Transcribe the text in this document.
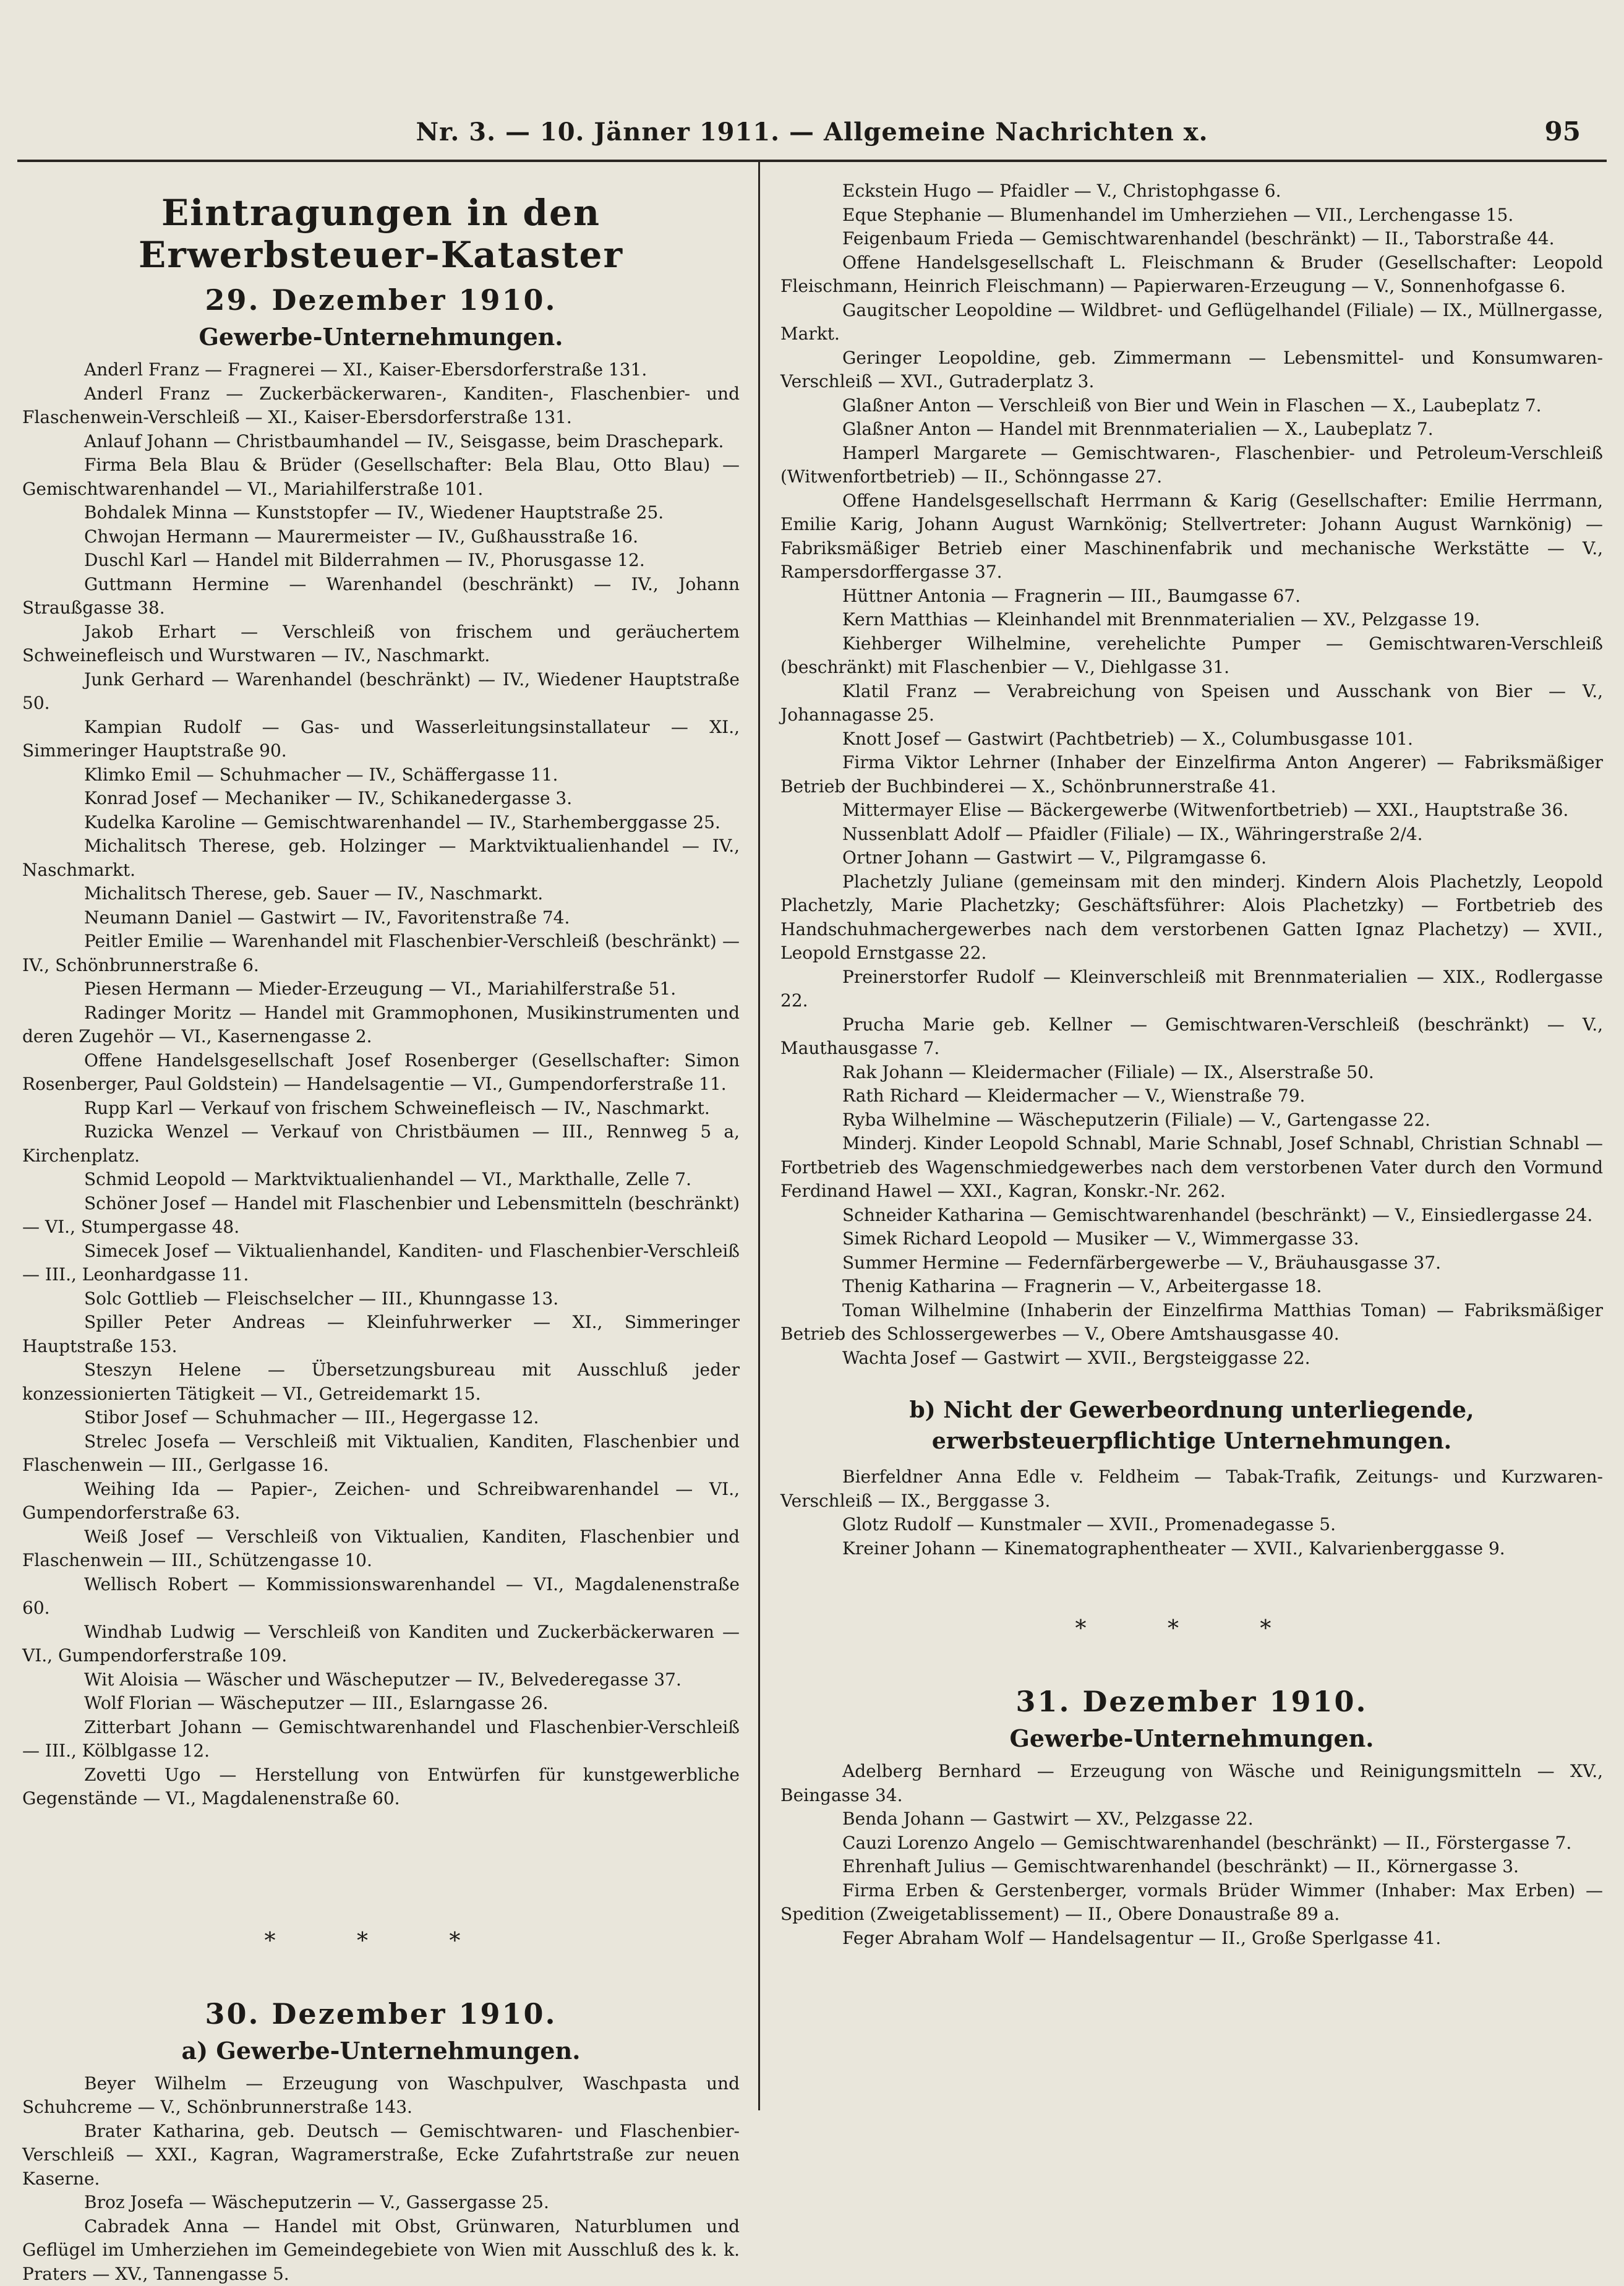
Nr. 3. — 10. Jänner 1911. — Allgemeine Nachrichten x.	95
Eintragungen in den Erwerbsteuer-Kataster
29. Dezember 1910.
Gewerbe-Unternehmungen.

Anderl Franz — Fragnerei — XI., Kaiser-Ebersdorferstraße 131.

Anderl Franz — Zuckerbäckerwaren-, Kanditen-, Flaschenbier- und Flaschenwein-Verschleiß — XI., Kaiser-Ebersdorferstraße 131.

Anlauf Johann — Christbaumhandel — IV., Seisgasse, beim Draschepark.

Firma Bela Blau & Brüder (Gesellschafter: Bela Blau, Otto Blau) — Gemischtwarenhandel — VI., Mariahilferstraße 101.

Bohdalek Minna — Kunststopfer — IV., Wiedener Hauptstraße 25.

Chwojan Hermann — Maurermeister — IV., Gußhausstraße 16.

Duschl Karl — Handel mit Bilderrahmen — IV., Phorusgasse 12.

Guttmann Hermine — Warenhandel (beschränkt) — IV., Johann Straußgasse 38.

Jakob Erhart — Verschleiß von frischem und geräuchertem Schweinefleisch und Wurstwaren — IV., Naschmarkt.

Junk Gerhard — Warenhandel (beschränkt) — IV., Wiedener Hauptstraße 50.

Kampian Rudolf — Gas- und Wasserleitungsinstallateur — XI., Simmeringer Hauptstraße 90.

Klimko Emil — Schuhmacher — IV., Schäffergasse 11.

Konrad Josef — Mechaniker — IV., Schikanedergasse 3.

Kudelka Karoline — Gemischtwarenhandel — IV., Starhemberggasse 25.

Michalitsch Therese, geb. Holzinger — Marktviktualienhandel — IV., Naschmarkt.

Michalitsch Therese, geb. Sauer — IV., Naschmarkt.

Neumann Daniel — Gastwirt — IV., Favoritenstraße 74.

Peitler Emilie — Warenhandel mit Flaschenbier-Verschleiß (beschränkt) — IV., Schönbrunnerstraße 6.

Piesen Hermann — Mieder-Erzeugung — VI., Mariahilferstraße 51.

Radinger Moritz — Handel mit Grammophonen, Musikinstrumenten und deren Zugehör — VI., Kasernengasse 2.

Offene Handelsgesellschaft Josef Rosenberger (Gesellschafter: Simon Rosenberger, Paul Goldstein) — Handelsagentie — VI., Gumpendorferstraße 11.

Rupp Karl — Verkauf von frischem Schweinefleisch — IV., Naschmarkt.

Ruzicka Wenzel — Verkauf von Christbäumen — III., Rennweg 5 a, Kirchenplatz.

Schmid Leopold — Marktviktualienhandel — VI., Markthalle, Zelle 7.

Schöner Josef — Handel mit Flaschenbier und Lebensmitteln (beschränkt) — VI., Stumpergasse 48.

Simecek Josef — Viktualienhandel, Kanditen- und Flaschenbier-Verschleiß — III., Leonhardgasse 11.

Solc Gottlieb — Fleischselcher — III., Khunngasse 13.

Spiller Peter Andreas — Kleinfuhrwerker — XI., Simmeringer Hauptstraße 153.

Steszyn Helene — Übersetzungsbureau mit Ausschluß jeder konzessionierten Tätigkeit — VI., Getreidemarkt 15.

Stibor Josef — Schuhmacher — III., Hegergasse 12.

Strelec Josefa — Verschleiß mit Viktualien, Kanditen, Flaschenbier und Flaschenwein — III., Gerlgasse 16.

Weihing Ida — Papier-, Zeichen- und Schreibwarenhandel — VI., Gumpendorferstraße 63.

Weiß Josef — Verschleiß von Viktualien, Kanditen, Flaschenbier und Flaschenwein — III., Schützengasse 10.

Wellisch Robert — Kommissionswarenhandel — VI., Magdalenenstraße 60.

Windhab Ludwig — Verschleiß von Kanditen und Zuckerbäckerwaren — VI., Gumpendorferstraße 109.

Wit Aloisia — Wäscher und Wäscheputzer — IV., Belvederegasse 37.

Wolf Florian — Wäscheputzer — III., Eslarngasse 26.

Zitterbart Johann — Gemischtwarenhandel und Flaschenbier-Verschleiß — III., Kölblgasse 12.

Zovetti Ugo — Herstellung von Entwürfen für kunstgewerbliche Gegenstände — VI., Magdalenenstraße 60.

* * *
30. Dezember 1910.
a) Gewerbe-Unternehmungen.

Beyer Wilhelm — Erzeugung von Waschpulver, Waschpasta und Schuhcreme — V., Schönbrunnerstraße 143.

Brater Katharina, geb. Deutsch — Gemischtwaren- und Flaschenbier-Verschleiß — XXI., Kagran, Wagramerstraße, Ecke Zufahrtstraße zur neuen Kaserne.

Broz Josefa — Wäscheputzerin — V., Gassergasse 25.

Cabradek Anna — Handel mit Obst, Grünwaren, Naturblumen und Geflügel im Umherziehen im Gemeindegebiete von Wien mit Ausschluß des k. k. Praters — XV., Tannengasse 5.

Eckstein Hugo — Pfaidler — V., Christophgasse 6.

Eque Stephanie — Blumenhandel im Umherziehen — VII., Lerchengasse 15.

Feigenbaum Frieda — Gemischtwarenhandel (beschränkt) — II., Taborstraße 44.

Offene Handelsgesellschaft L. Fleischmann & Bruder (Gesellschafter: Leopold Fleischmann, Heinrich Fleischmann) — Papierwaren-Erzeugung — V., Sonnenhofgasse 6.

Gaugitscher Leopoldine — Wildbret- und Geflügelhandel (Filiale) — IX., Müllnergasse, Markt.

Geringer Leopoldine, geb. Zimmermann — Lebensmittel- und Konsumwaren-Verschleiß — XVI., Gutraderplatz 3.

Glaßner Anton — Verschleiß von Bier und Wein in Flaschen — X., Laubeplatz 7.

Glaßner Anton — Handel mit Brennmaterialien — X., Laubeplatz 7.

Hamperl Margarete — Gemischtwaren-, Flaschenbier- und Petroleum-Verschleiß (Witwenfortbetrieb) — II., Schönngasse 27.

Offene Handelsgesellschaft Herrmann & Karig (Gesellschafter: Emilie Herrmann, Emilie Karig, Johann August Warnkönig; Stellvertreter: Johann August Warnkönig) — Fabriksmäßiger Betrieb einer Maschinenfabrik und mechanische Werkstätte — V., Rampersdorffergasse 37.

Hüttner Antonia — Fragnerin — III., Baumgasse 67.

Kern Matthias — Kleinhandel mit Brennmaterialien — XV., Pelzgasse 19.

Kiehberger Wilhelmine, verehelichte Pumper — Gemischtwaren-Verschleiß (beschränkt) mit Flaschenbier — V., Diehlgasse 31.

Klatil Franz — Verabreichung von Speisen und Ausschank von Bier — V., Johannagasse 25.

Knott Josef — Gastwirt (Pachtbetrieb) — X., Columbusgasse 101.

Firma Viktor Lehrner (Inhaber der Einzelfirma Anton Angerer) — Fabriksmäßiger Betrieb der Buchbinderei — X., Schönbrunnerstraße 41.

Mittermayer Elise — Bäckergewerbe (Witwenfortbetrieb) — XXI., Hauptstraße 36.

Nussenblatt Adolf — Pfaidler (Filiale) — IX., Währingerstraße 2/4.

Ortner Johann — Gastwirt — V., Pilgramgasse 6.

Plachetzly Juliane (gemeinsam mit den minderj. Kindern Alois Plachetzly, Leopold Plachetzly, Marie Plachetzky; Geschäftsführer: Alois Plachetzky) — Fortbetrieb des Handschuhmachergewerbes nach dem verstorbenen Gatten Ignaz Plachetzy) — XVII., Leopold Ernstgasse 22.

Preinerstorfer Rudolf — Kleinverschleiß mit Brennmaterialien — XIX., Rodlergasse 22.

Prucha Marie geb. Kellner — Gemischtwaren-Verschleiß (beschränkt) — V., Mauthausgasse 7.

Rak Johann — Kleidermacher (Filiale) — IX., Alserstraße 50.

Rath Richard — Kleidermacher — V., Wienstraße 79.

Ryba Wilhelmine — Wäscheputzerin (Filiale) — V., Gartengasse 22.

Minderj. Kinder Leopold Schnabl, Marie Schnabl, Josef Schnabl, Christian Schnabl — Fortbetrieb des Wagenschmiedgewerbes nach dem verstorbenen Vater durch den Vormund Ferdinand Hawel — XXI., Kagran, Konskr.-Nr. 262.

Schneider Katharina — Gemischtwarenhandel (beschränkt) — V., Einsiedlergasse 24.

Simek Richard Leopold — Musiker — V., Wimmergasse 33.

Summer Hermine — Federnfärbergewerbe — V., Bräuhausgasse 37.

Thenig Katharina — Fragnerin — V., Arbeitergasse 18.

Toman Wilhelmine (Inhaberin der Einzelfirma Matthias Toman) — Fabriksmäßiger Betrieb des Schlossergewerbes — V., Obere Amtshausgasse 40.

Wachta Josef — Gastwirt — XVII., Bergsteiggasse 22.

b) Nicht der Gewerbeordnung unterliegende, erwerbsteuerpflichtige Unternehmungen.

Bierfeldner Anna Edle v. Feldheim — Tabak-Trafik, Zeitungs- und Kurzwaren-Verschleiß — IX., Berggasse 3.

Glotz Rudolf — Kunstmaler — XVII., Promenadegasse 5.

Kreiner Johann — Kinematographentheater — XVII., Kalvarienberggasse 9.

* * *
31. Dezember 1910.
Gewerbe-Unternehmungen.

Adelberg Bernhard — Erzeugung von Wäsche und Reinigungsmitteln — XV., Beingasse 34.

Benda Johann — Gastwirt — XV., Pelzgasse 22.

Cauzi Lorenzo Angelo — Gemischtwarenhandel (beschränkt) — II., Förstergasse 7.

Ehrenhaft Julius — Gemischtwarenhandel (beschränkt) — II., Körnergasse 3.

Firma Erben & Gerstenberger, vormals Brüder Wimmer (Inhaber: Max Erben) — Spedition (Zweigetablissement) — II., Obere Donaustraße 89 a.

Feger Abraham Wolf — Handelsagentur — II., Große Sperlgasse 41.
